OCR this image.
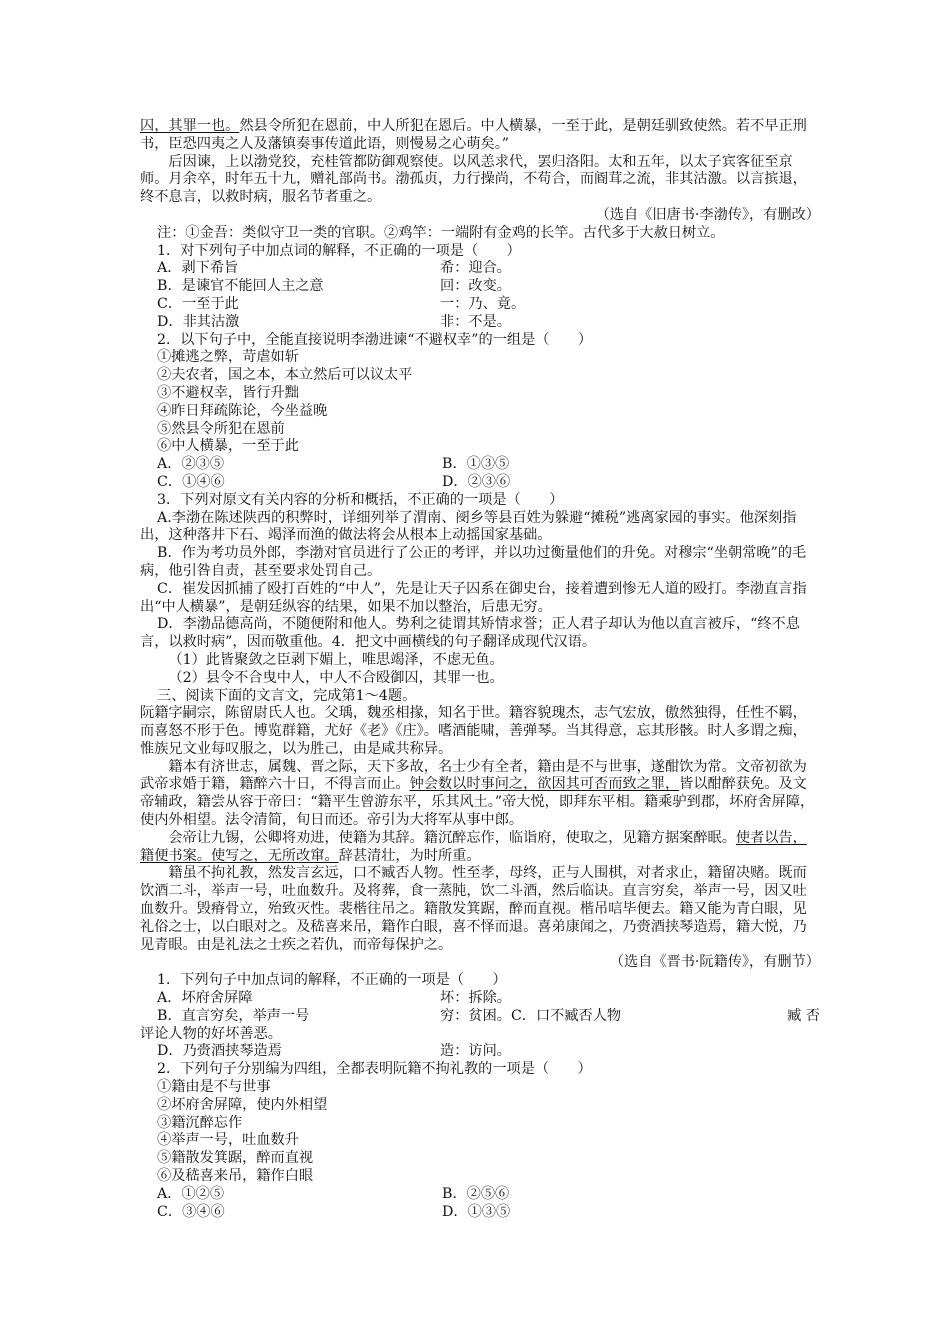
囚，其罪一也。然县令所犯在恩前，中人所犯在恩后。中人横暴，一至于此，是朝廷驯致使然。若不早正刑书，臣恐四夷之人及藩镇奏事传道此语，则慢易之心萌矣。”

后因谏，上以渤党狡，充桂管都防御观察使。以风恙求代，罢归洛阳。太和五年，以太子宾客征至京师。月余卒，时年五十九，赠礼部尚书。渤孤贞，力行操尚，不苟合，而阍茸之流，非其沽激。以言摈退，终不息言，以救时病，服名节者重之。

（选自《旧唐书·李渤传》，有删改）

注：①金吾：类似守卫一类的官职。②鸡竿：一端附有金鸡的长竿。古代多于大赦日树立。

1．对下列句子中加点词的解释，不正确的一项是（　　）

A．剥下希旨	希：迎合。
B．是谏官不能回人主之意	回：改变。
C．一至于此	一：乃、竟。
D．非其沽激	非：不是。

2．以下句子中，全能直接说明李渤进谏“不避权幸”的一组是（　　）

①摊逃之弊，苛虐如斩

②夫农者，国之本，本立然后可以议太平

③不避权幸，皆行升黜

④昨日拜疏陈论，今坐益晚

⑤然县令所犯在恩前

⑥中人横暴，一至于此

A．②③⑤	B．①③⑤
C．①④⑥	D．②③⑥

3．下列对原文有关内容的分析和概括，不正确的一项是（　　）

A.李渤在陈述陕西的积弊时，详细列举了渭南、阌乡等县百姓为躲避“摊税”逃离家园的事实。他深刻指出，这种落井下石、竭泽而渔的做法将会从根本上动摇国家基础。

B．作为考功员外郎，李渤对官员进行了公正的考评，并以功过衡量他们的升免。对穆宗“坐朝常晚”的毛病，他引咎自责，甚至要求处罚自己。

C．崔发因抓捕了殴打百姓的“中人”，先是让天子囚系在御史台，接着遭到惨无人道的殴打。李渤直言指出“中人横暴”，是朝廷纵容的结果，如果不加以整治，后患无穷。

D．李渤品德高尚，不随便附和他人。势利之徒谓其矫情求誉；正人君子却认为他以直言被斥，“终不息言，以救时病”，因而敬重他。4．把文中画横线的句子翻译成现代汉语。

（1）此皆聚敛之臣剥下媚上，唯思竭泽，不虑无鱼。

（2）县令不合曳中人，中人不合殴御囚，其罪一也。

三、阅读下面的文言文，完成第1～4题。

阮籍字嗣宗，陈留尉氏人也。父瑀，魏丞相掾，知名于世。籍容貌瑰杰，志气宏放，傲然独得，任性不羁，而喜怒不形于色。博览群籍，尤好《老》《庄》。嗜酒能啸，善弹琴。当其得意，忘其形骸。时人多谓之痴，惟族兄文业每叹服之，以为胜己，由是咸共称异。

籍本有济世志，属魏、晋之际，天下多故，名士少有全者，籍由是不与世事，遂酣饮为常。文帝初欲为武帝求婚于籍，籍醉六十日，不得言而止。钟会数以时事问之，欲因其可否而致之罪，皆以酣醉获免。及文帝辅政，籍尝从容于帝曰：“籍平生曾游东平，乐其风土。”帝大悦，即拜东平相。籍乘驴到郡，坏府舍屏障，使内外相望。法令清简，旬日而还。帝引为大将军从事中郎。

会帝让九锡，公卿将劝进，使籍为其辞。籍沉醉忘作，临诣府，使取之，见籍方据案醉眠。使者以告，籍便书案。使写之，无所改窜。辞甚清壮，为时所重。

籍虽不拘礼教，然发言玄远，口不臧否人物。性至孝，母终，正与人围棋，对者求止，籍留决赌。既而饮酒二斗，举声一号，吐血数升。及将葬，食一蒸肫，饮二斗酒，然后临诀。直言穷矣，举声一号，因又吐血数升。毁瘠骨立，殆致灭性。裴楷往吊之。籍散发箕踞，醉而直视。楷吊唁毕便去。籍又能为青白眼，见礼俗之士，以白眼对之。及嵇喜来吊，籍作白眼，喜不怿而退。喜弟康闻之，乃赍酒挟琴造焉，籍大悦，乃见青眼。由是礼法之士疾之若仇，而帝每保护之。

（选自《晋书·阮籍传》，有删节）

1．下列句子中加点词的解释，不正确的一项是（　　）

A．坏府舍屏障	坏：拆除。
B．直言穷矣，举声一号	穷：贫困。C．口不臧否人物	臧 否

评论人物的好坏善恶。

D．乃赍酒挟琴造焉	造：访问。

2．下列句子分别编为四组，全都表明阮籍不拘礼教的一项是（　　）

①籍由是不与世事

②坏府舍屏障，使内外相望

③籍沉醉忘作

④举声一号，吐血数升

⑤籍散发箕踞，醉而直视

⑥及嵇喜来吊，籍作白眼

A．①②⑤	B．②⑤⑥
C．③④⑥	D．①③⑤
